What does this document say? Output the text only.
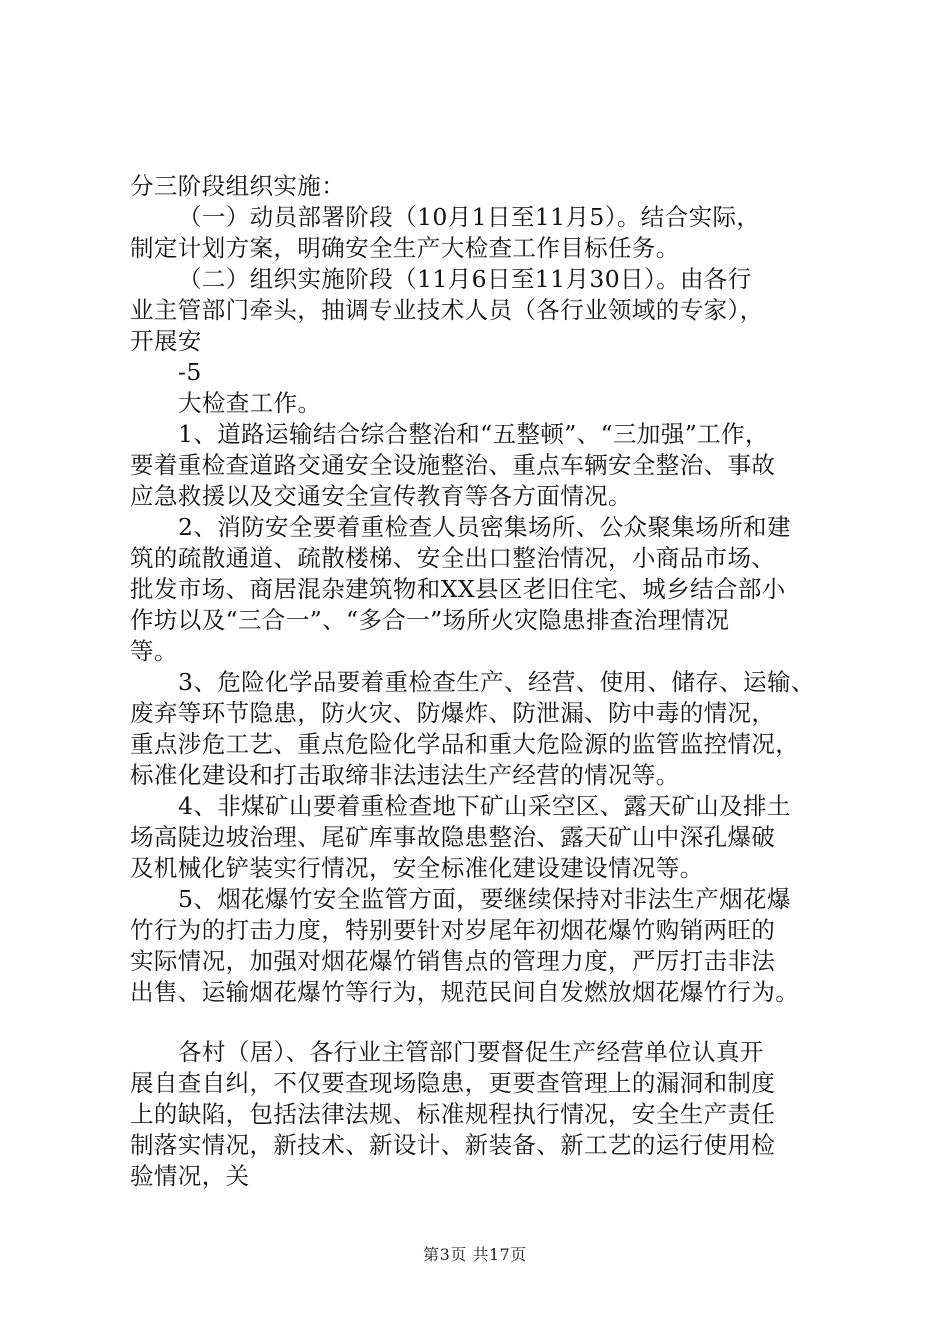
分三阶段组织实施：
（一）动员部署阶段（10月1日至11月5）。结合实际，
制定计划方案，明确安全生产大检查工作目标任务。
（二）组织实施阶段（11月6日至11月30日）。由各行
业主管部门牵头，抽调专业技术人员（各行业领域的专家），
开展安
-5
大检查工作。
1、道路运输结合综合整治和“五整顿”、“三加强”工作，
要着重检查道路交通安全设施整治、重点车辆安全整治、事故
应急救援以及交通安全宣传教育等各方面情况。
2、消防安全要着重检查人员密集场所、公众聚集场所和建
筑的疏散通道、疏散楼梯、安全出口整治情况，小商品市场、
批发市场、商居混杂建筑物和XX县区老旧住宅、城乡结合部小
作坊以及“三合一”、“多合一”场所火灾隐患排查治理情况
等。
3、危险化学品要着重检查生产、经营、使用、储存、运输、
废弃等环节隐患，防火灾、防爆炸、防泄漏、防中毒的情况，
重点涉危工艺、重点危险化学品和重大危险源的监管监控情况，
标准化建设和打击取缔非法违法生产经营的情况等。
4、非煤矿山要着重检查地下矿山采空区、露天矿山及排土
场高陡边坡治理、尾矿库事故隐患整治、露天矿山中深孔爆破
及机械化铲装实行情况，安全标准化建设建设情况等。
5、烟花爆竹安全监管方面，要继续保持对非法生产烟花爆
竹行为的打击力度，特别要针对岁尾年初烟花爆竹购销两旺的
实际情况，加强对烟花爆竹销售点的管理力度，严厉打击非法
出售、运输烟花爆竹等行为，规范民间自发燃放烟花爆竹行为。
各村（居）、各行业主管部门要督促生产经营单位认真开
展自查自纠，不仅要查现场隐患，更要查管理上的漏洞和制度
上的缺陷，包括法律法规、标准规程执行情况，安全生产责任
制落实情况，新技术、新设计、新装备、新工艺的运行使用检
验情况，关
第3页 共17页
